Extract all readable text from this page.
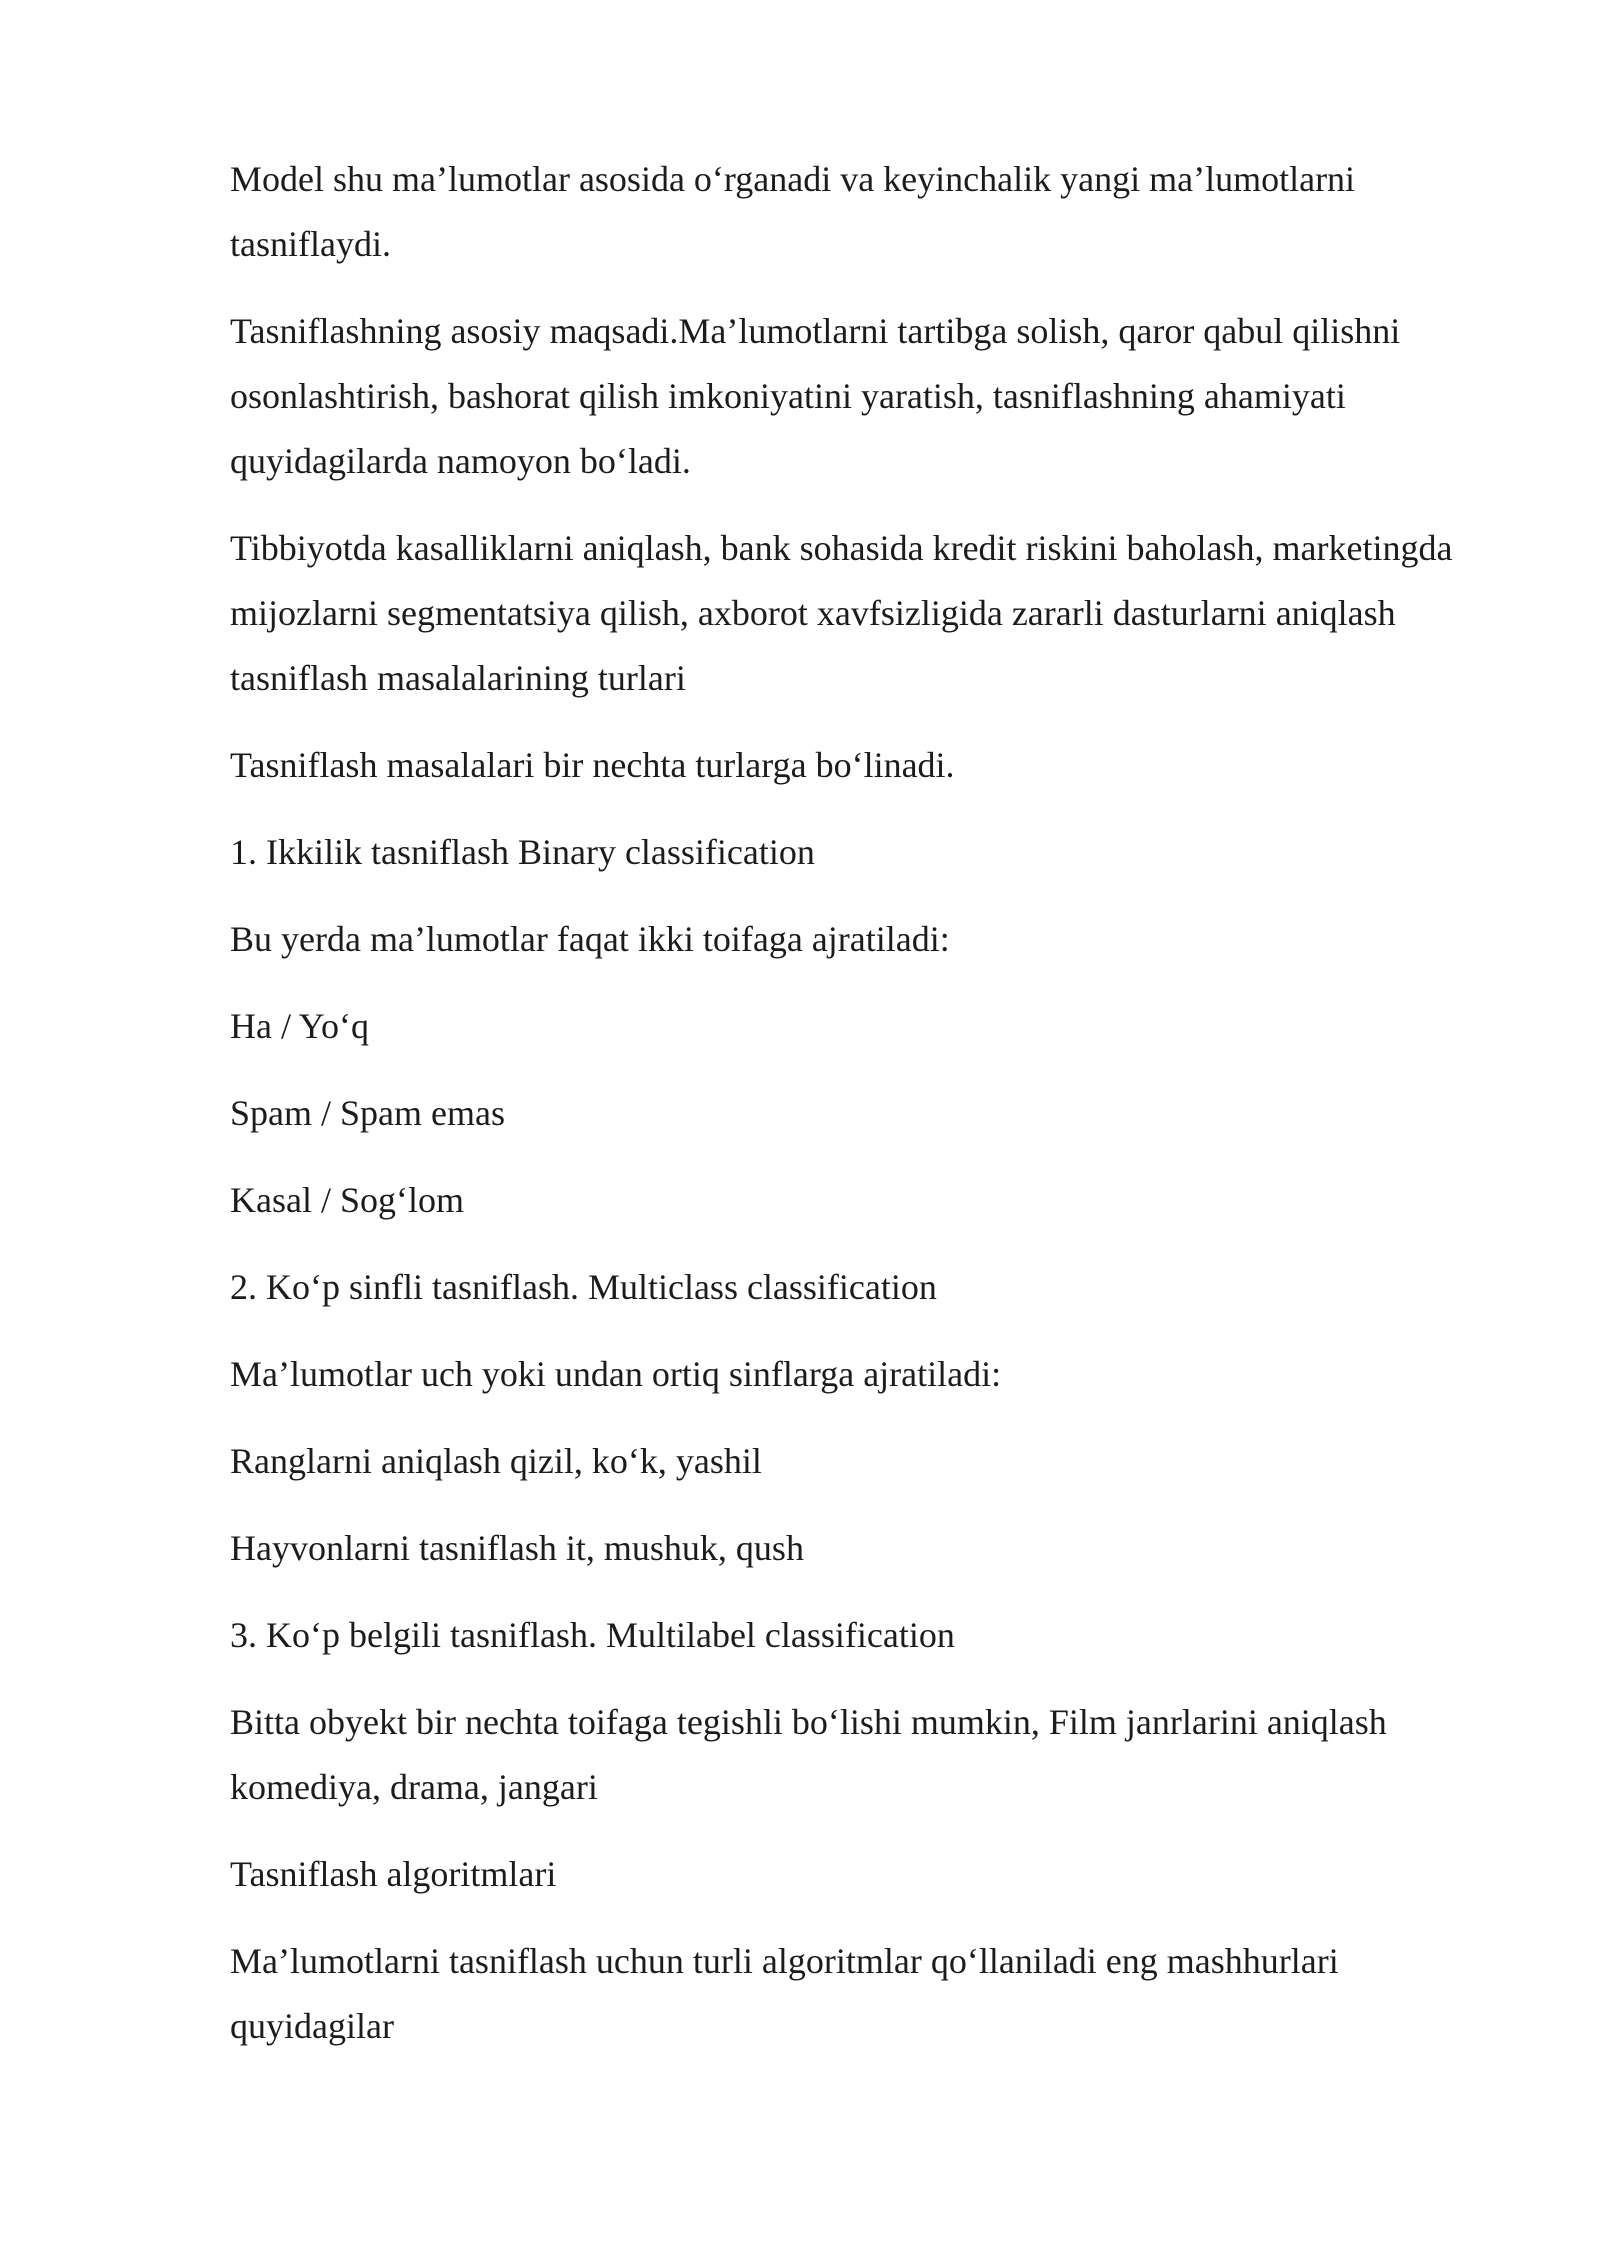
Model shu ma’lumotlar asosida o‘rganadi va keyinchalik yangi ma’lumotlarni tasniflaydi.

Tasniflashning asosiy maqsadi.Ma’lumotlarni tartibga solish, qaror qabul qilishni osonlashtirish, bashorat qilish imkoniyatini yaratish, tasniflashning ahamiyati quyidagilarda namoyon bo‘ladi.

Tibbiyotda kasalliklarni aniqlash, bank sohasida kredit riskini baholash, marketingda mijozlarni segmentatsiya qilish, axborot xavfsizligida zararli dasturlarni aniqlash tasniflash masalalarining turlari

Tasniflash masalalari bir nechta turlarga bo‘linadi.

1. Ikkilik tasniflash Binary classification

Bu yerda ma’lumotlar faqat ikki toifaga ajratiladi:

Ha / Yo‘q

Spam / Spam emas

Kasal / Sog‘lom

2. Ko‘p sinfli tasniflash. Multiclass classification

Ma’lumotlar uch yoki undan ortiq sinflarga ajratiladi:

Ranglarni aniqlash qizil, ko‘k, yashil

Hayvonlarni tasniflash it, mushuk, qush

3. Ko‘p belgili tasniflash. Multilabel classification

Bitta obyekt bir nechta toifaga tegishli bo‘lishi mumkin, Film janrlarini aniqlash komediya, drama, jangari

Tasniflash algoritmlari

Ma’lumotlarni tasniflash uchun turli algoritmlar qo‘llaniladi eng mashhurlari quyidagilar
